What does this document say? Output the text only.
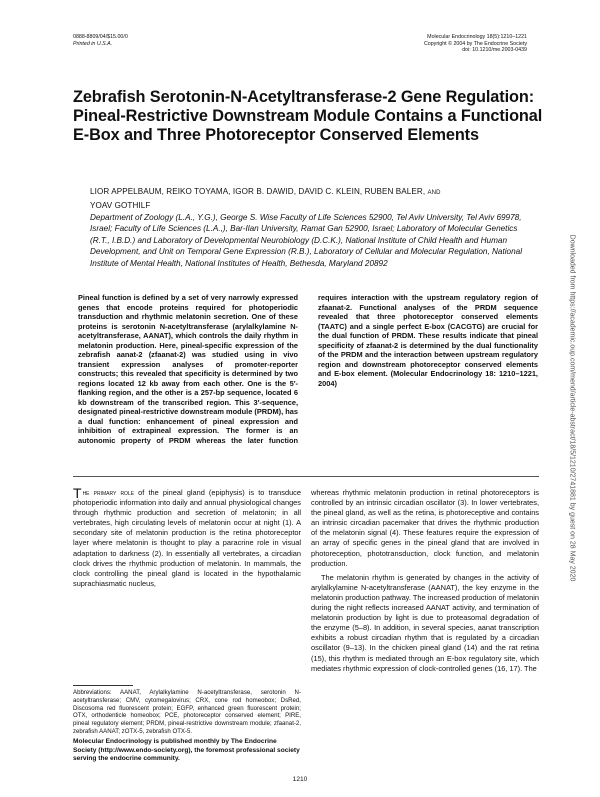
0888-8809/04/$15.00/0
Printed in U.S.A.
Molecular Endocrinology 18(5):1210–1221
Copyright © 2004 by The Endocrine Society
doi: 10.1210/me.2003-0439
Zebrafish Serotonin-N-Acetyltransferase-2 Gene Regulation: Pineal-Restrictive Downstream Module Contains a Functional E-Box and Three Photoreceptor Conserved Elements
LIOR APPELBAUM, REIKO TOYAMA, IGOR B. DAWID, DAVID C. KLEIN, RUBEN BALER, AND
YOAV GOTHILF
Department of Zoology (L.A., Y.G.), George S. Wise Faculty of Life Sciences 52900, Tel Aviv University, Tel Aviv 69978, Israel; Faculty of Life Sciences (L.A.,), Bar-Ilan University, Ramat Gan 52900, Israel; Laboratory of Molecular Genetics (R.T., I.B.D.) and Laboratory of Developmental Neurobiology (D.C.K.), National Institute of Child Health and Human Development, and Unit on Temporal Gene Expression (R.B.), Laboratory of Cellular and Molecular Regulation, National Institute of Mental Health, National Institutes of Health, Bethesda, Maryland 20892
Pineal function is defined by a set of very narrowly expressed genes that encode proteins required for photoperiodic transduction and rhythmic melatonin secretion. One of these proteins is serotonin N-acetyltransferase (arylalkylamine N-acetyltransferase, AANAT), which controls the daily rhythm in melatonin production. Here, pineal-specific expression of the zebrafish aanat-2 (zfaanat-2) was studied using in vivo transient expression analyses of promoter-reporter constructs; this revealed that specificity is determined by two regions located 12 kb away from each other. One is the 5′-flanking region, and the other is a 257-bp sequence, located 6 kb downstream of the transcribed region. This 3′-sequence, designated pineal-restrictive downstream module (PRDM), has a dual function: enhancement of pineal expression and inhibition of extrapineal expression. The former is an autonomic property of PRDM whereas the later function requires interaction with the upstream regulatory region of zfaanat-2. Functional analyses of the PRDM sequence revealed that three photoreceptor conserved elements (TAATC) and a single perfect E-box (CACGTG) are crucial for the dual function of PRDM. These results indicate that pineal specificity of zfaanat-2 is determined by the dual functionality of the PRDM and the interaction between upstream regulatory region and downstream photoreceptor conserved elements and E-box element. (Molecular Endocrinology 18: 1210–1221, 2004)
The primary role of the pineal gland (epiphysis) is to transduce photoperiodic information into daily and annual physiological changes through rhythmic production and secretion of melatonin; in all vertebrates, high circulating levels of melatonin occur at night (1). A secondary site of melatonin production is the retina photoreceptor layer where melatonin is thought to play a paracrine role in visual adaptation to darkness (2). In essentially all vertebrates, a circadian clock drives the rhythmic production of melatonin. In mammals, the clock controlling the pineal gland is located in the hypothalamic suprachiasmatic nucleus,
Abbreviations: AANAT, Arylalkylamine N-acetyltransferase, serotonin N-acetyltransferase; CMV, cytomegalovirus; CRX, cone rod homeobox; DsRed, Discosoma red fluorescent protein; EGFP, enhanced green fluorescent protein; OTX, orthodenticle homeobox; PCE, photoreceptor conserved element; PIRE, pineal regulatory element; PRDM, pineal-restrictive downstream module; zfaanat-2, zebrafish AANAT; zOTX-5, zebrafish OTX-5.
Molecular Endocrinology is published monthly by The Endocrine Society (http://www.endo-society.org), the foremost professional society serving the endocrine community.

whereas rhythmic melatonin production in retinal photoreceptors is controlled by an intrinsic circadian oscillator (3). In lower vertebrates, the pineal gland, as well as the retina, is photoreceptive and contains an intrinsic circadian pacemaker that drives the rhythmic production of the melatonin signal (4). These features require the expression of an array of specific genes in the pineal gland that are involved in photoreception, phototransduction, clock function, and melatonin production.

The melatonin rhythm is generated by changes in the activity of arylalkylamine N-acetyltransferase (AANAT), the key enzyme in the melatonin production pathway. The increased production of melatonin during the night reflects increased AANAT activity, and termination of melatonin production by light is due to proteasomal degradation of the enzyme (5–8). In addition, in several species, aanat transcription exhibits a robust circadian rhythm that is regulated by a circadian oscillator (9–13). In the chicken pineal gland (14) and the rat retina (15), this rhythm is mediated through an E-box regulatory site, which mediates rhythmic expression of clock-controlled genes (16, 17). The

1210
Downloaded from https://academic.oup.com/mend/article-abstract/18/5/1210/2741881 by guest on 28 May 2020
